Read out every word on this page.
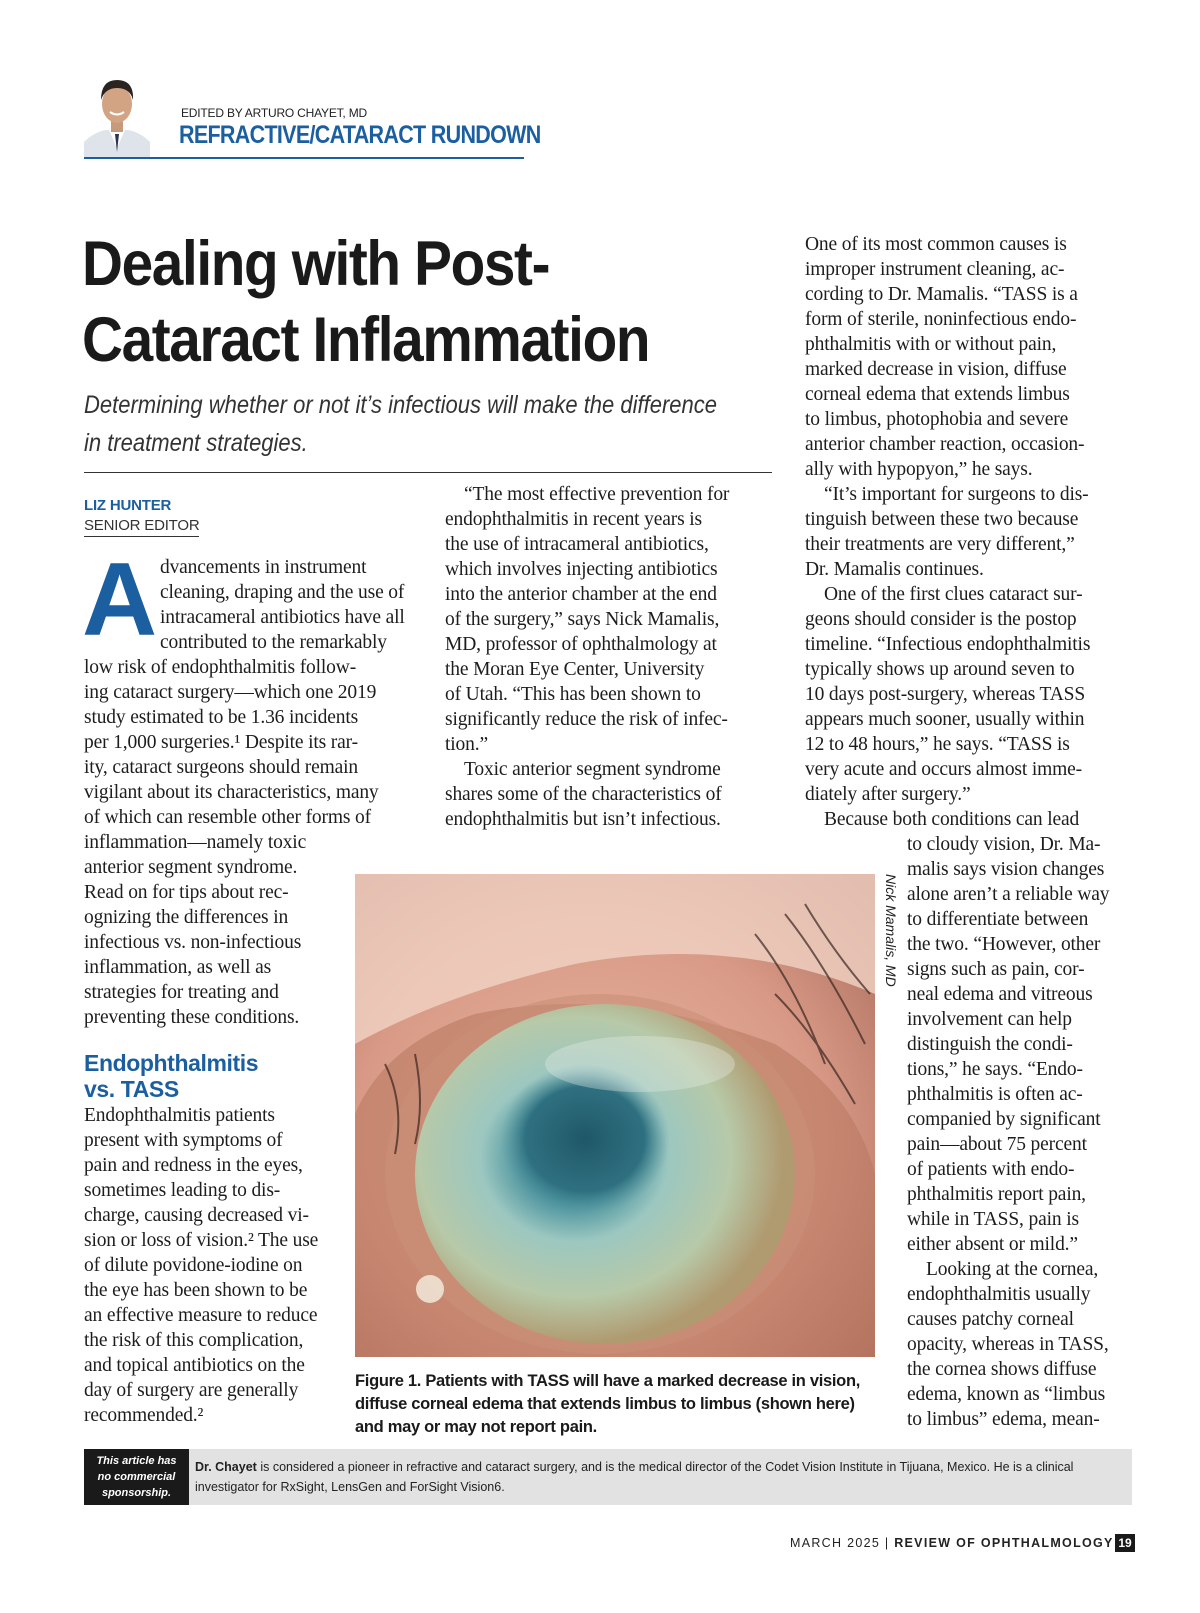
EDITED BY ARTURO CHAYET, MD
REFRACTIVE/CATARACT RUNDOWN
Dealing with Post-
Cataract Inflammation

Determining whether or not it’s infectious will make the difference in treatment strategies.

LIZ HUNTER
SENIOR EDITOR
A dvancements in instrument
cleaning, draping and the use of
intracameral antibiotics have all
contributed to the remarkably
low risk of endophthalmitis follow-
ing cataract surgery—which one 2019
study estimated to be 1.36 incidents
per 1,000 surgeries.¹ Despite its rar-
ity, cataract surgeons should remain
vigilant about its characteristics, many
of which can resemble other forms of
inflammation—namely toxic
anterior segment syndrome.
Read on for tips about rec-
ognizing the differences in
infectious vs. non-infectious
inflammation, as well as
strategies for treating and
preventing these conditions.
Endophthalmitis
vs. TASS
Endophthalmitis patients
present with symptoms of
pain and redness in the eyes,
sometimes leading to dis-
charge, causing decreased vi-
sion or loss of vision.² The use
of dilute povidone-iodine on
the eye has been shown to be
an effective measure to reduce
the risk of this complication,
and topical antibiotics on the
day of surgery are generally
recommended.²
“The most effective prevention for
endophthalmitis in recent years is
the use of intracameral antibiotics,
which involves injecting antibiotics
into the anterior chamber at the end
of the surgery,” says Nick Mamalis,
MD, professor of ophthalmology at
the Moran Eye Center, University
of Utah. “This has been shown to
significantly reduce the risk of infec-
tion.”
Toxic anterior segment syndrome
shares some of the characteristics of
endophthalmitis but isn’t infectious.
One of its most common causes is
improper instrument cleaning, ac-
cording to Dr. Mamalis. “TASS is a
form of sterile, noninfectious endo-
phthalmitis with or without pain,
marked decrease in vision, diffuse
corneal edema that extends limbus
to limbus, photophobia and severe
anterior chamber reaction, occasion-
ally with hypopyon,” he says.
“It’s important for surgeons to dis-
tinguish between these two because
their treatments are very different,”
Dr. Mamalis continues.
One of the first clues cataract sur-
geons should consider is the postop
timeline. “Infectious endophthalmitis
typically shows up around seven to
10 days post-surgery, whereas TASS
appears much sooner, usually within
12 to 48 hours,” he says. “TASS is
very acute and occurs almost imme-
diately after surgery.”
Because both conditions can lead
to cloudy vision, Dr. Ma-
malis says vision changes
alone aren’t a reliable way
to differentiate between
the two. “However, other
signs such as pain, cor-
neal edema and vitreous
involvement can help
distinguish the condi-
tions,” he says. “Endo-
phthalmitis is often ac-
companied by significant
pain—about 75 percent
of patients with endo-
phthalmitis report pain,
while in TASS, pain is
either absent or mild.”
Looking at the cornea,
endophthalmitis usually
causes patchy corneal
opacity, whereas in TASS,
the cornea shows diffuse
edema, known as “limbus
to limbus” edema, mean-
Nick Mamalis, MD

Figure 1. Patients with TASS will have a marked decrease in vision, diffuse corneal edema that extends limbus to limbus (shown here) and may or may not report pain.

This article has
no commercial
sponsorship.
Dr. Chayet is considered a pioneer in refractive and cataract surgery, and is the medical director of the Codet Vision Institute in Tijuana, Mexico. He is a clinical investigator for RxSight, LensGen and ForSight Vision6.
MARCH 2025 | REVIEW OF OPHTHALMOLOGY 19
